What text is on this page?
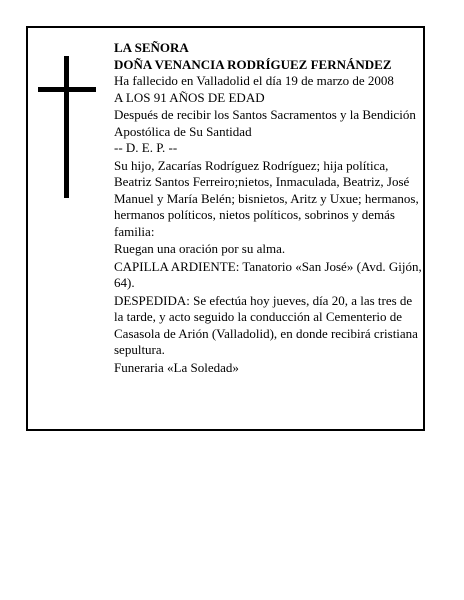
LA SEÑORA
DOÑA VENANCIA RODRÍGUEZ FERNÁNDEZ
Ha fallecido en Valladolid el día 19 de marzo de 2008
A LOS 91 AÑOS DE EDAD
Después de recibir los Santos Sacramentos y la Bendición Apostólica de Su Santidad
-- D. E. P. --
Su hijo, Zacarías Rodríguez Rodríguez; hija política, Beatriz Santos Ferreiro;nietos, Inmaculada, Beatriz, José Manuel y María Belén; bisnietos, Aritz y Uxue; hermanos, hermanos políticos, nietos políticos, sobrinos y demás familia:
Ruegan una oración por su alma.
CAPILLA ARDIENTE: Tanatorio «San José» (Avd. Gijón, 64).
DESPEDIDA: Se efectúa hoy jueves, día 20, a las tres de la tarde, y acto seguido la conducción al Cementerio de Casasola de Arión (Valladolid), en donde recibirá cristiana sepultura.
Funeraria «La Soledad»
